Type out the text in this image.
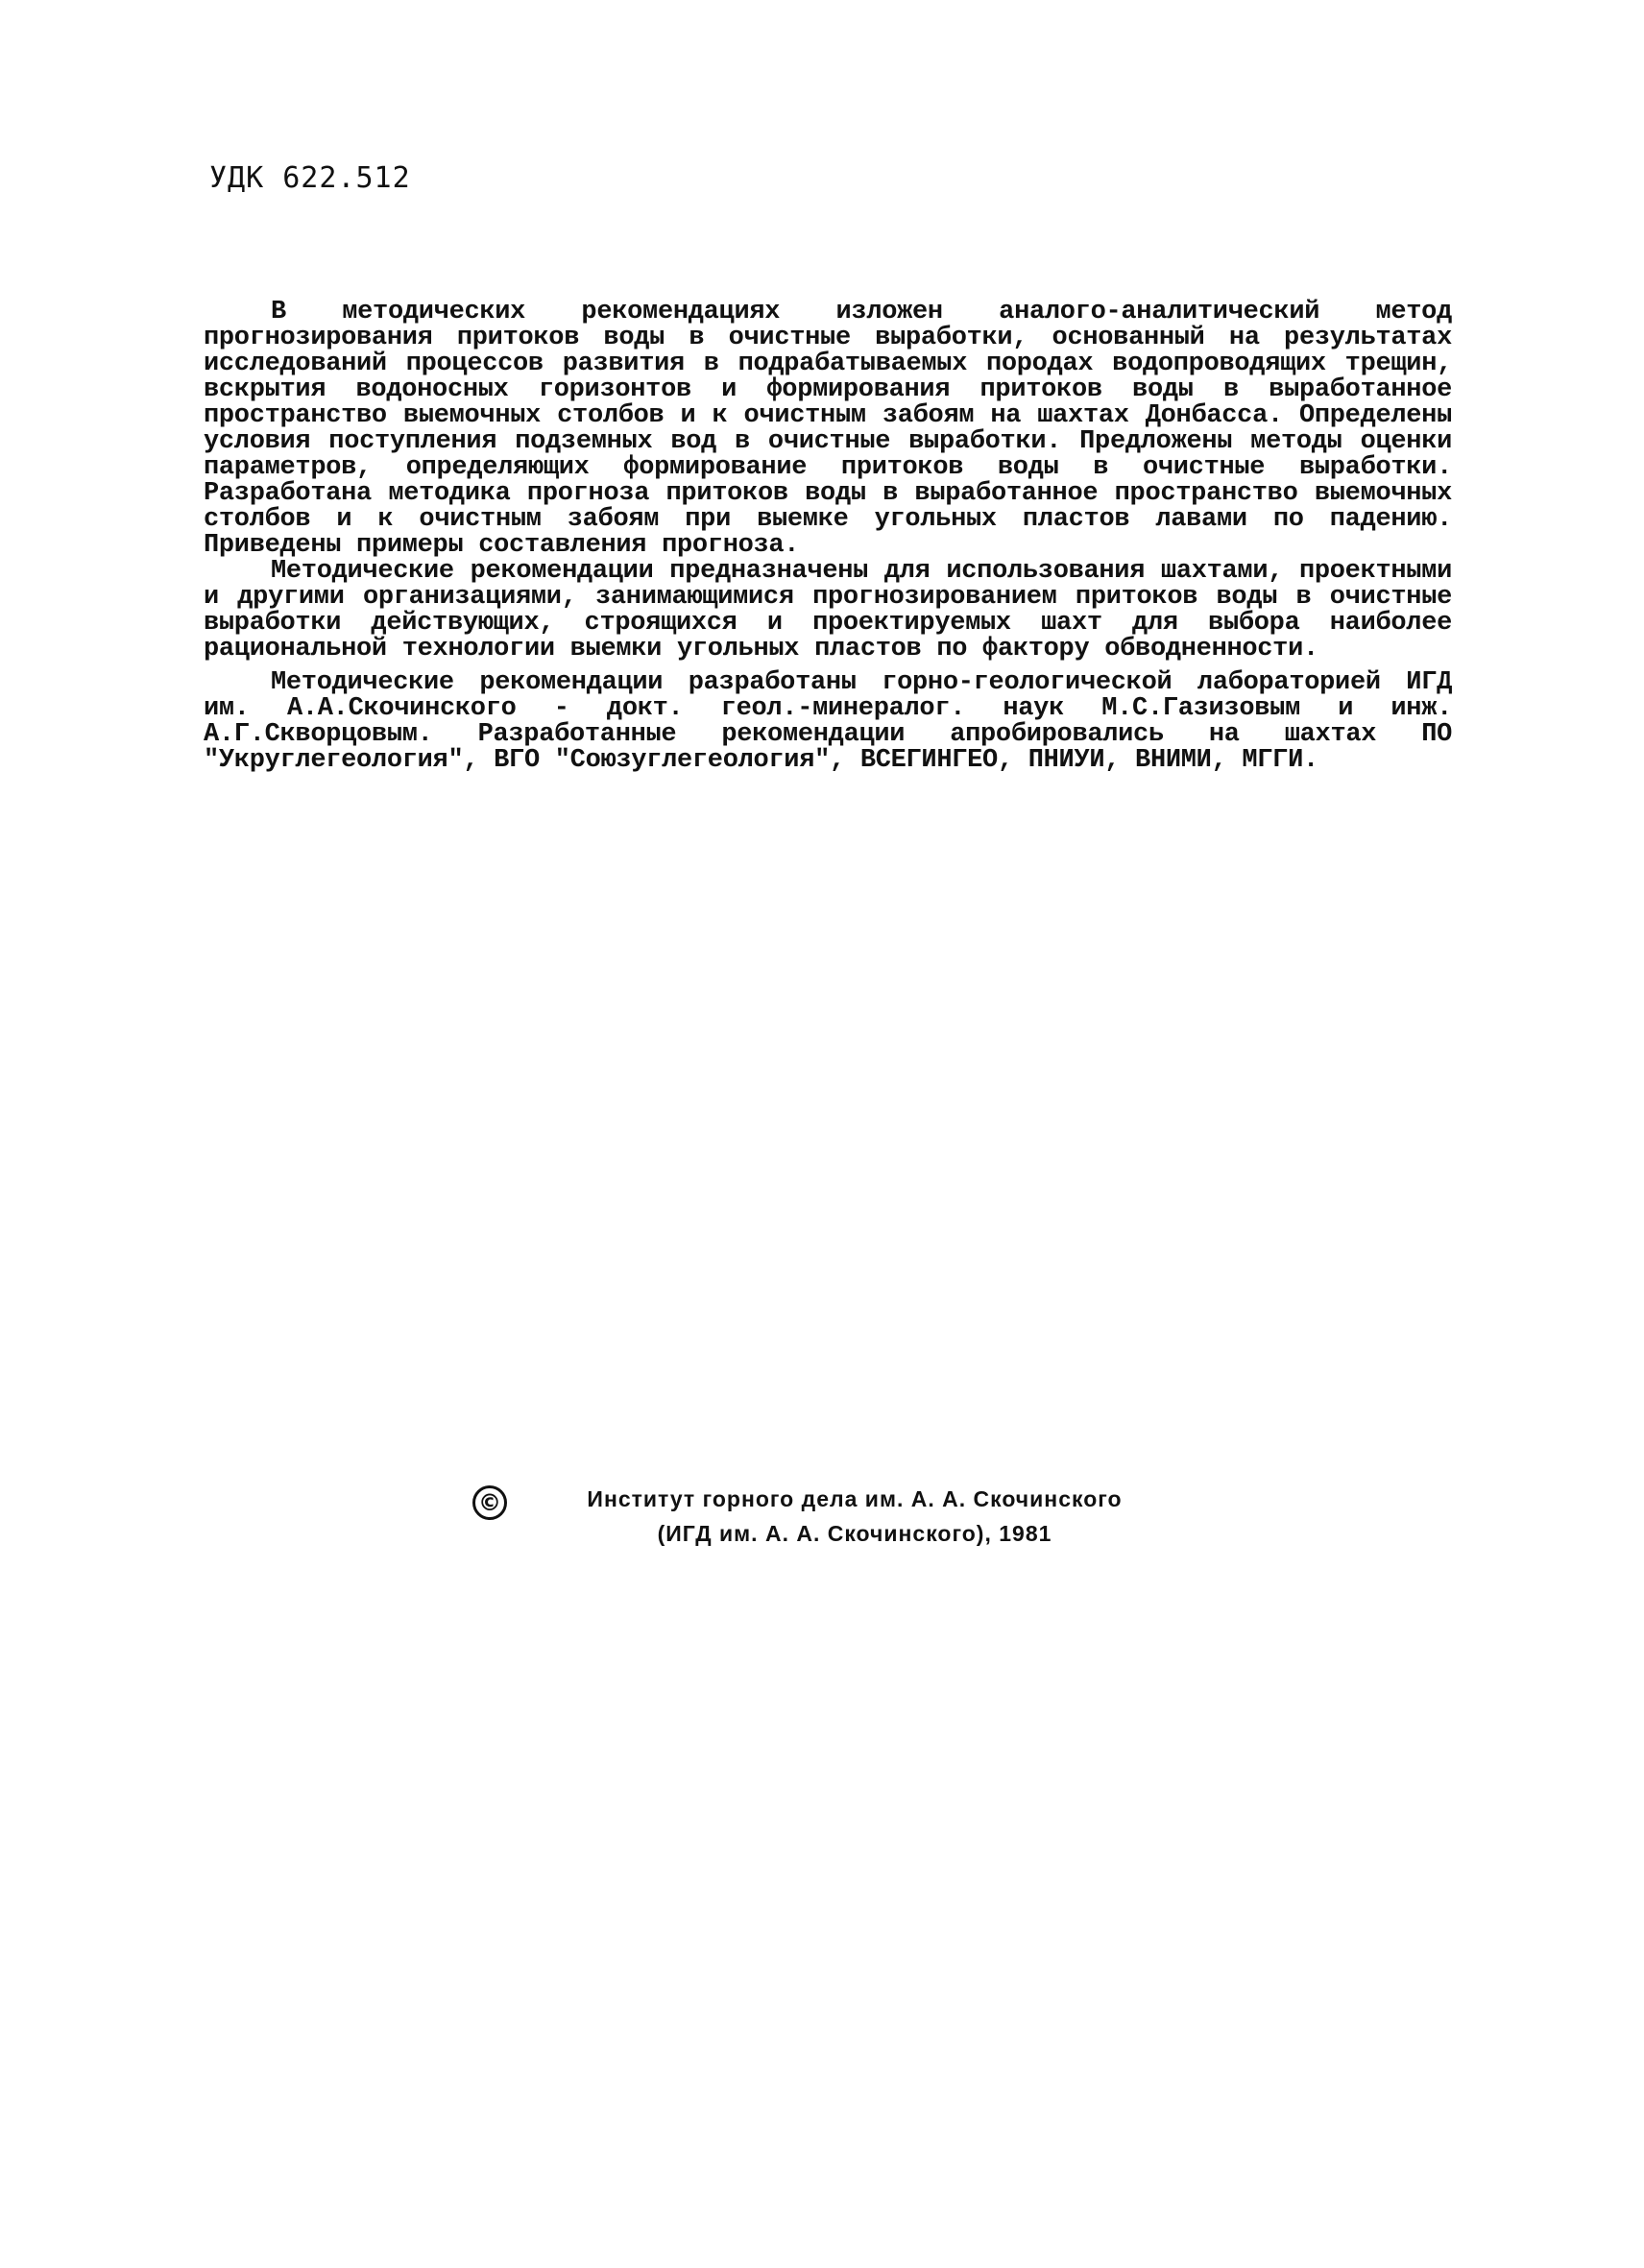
УДК 622.512

В методических рекомендациях изложен аналого-аналитический метод прогнозирования притоков воды в очистные выработки, основанный на результатах исследований процессов развития в подрабатываемых породах водопроводящих трещин, вскрытия водоносных горизонтов и формирования притоков воды в выработанное пространство выемочных столбов и к очистным забоям на шахтах Донбасса. Определены условия поступления подземных вод в очистные выработки. Предложены методы оценки параметров, определяющих формирование притоков воды в очистные выработки. Разработана методика прогноза притоков воды в выработанное пространство выемочных столбов и к очистным забоям при выемке угольных пластов лавами по падению. Приведены примеры составления прогноза.

Методические рекомендации предназначены для использования шахтами, проектными и другими организациями, занимающимися прогнозированием притоков воды в очистные выработки действующих, строящихся и проектируемых шахт для выбора наиболее рациональной технологии выемки угольных пластов по фактору обводненности.

Методические рекомендации разработаны горно-геологической лабораторией ИГД им. А.А.Скочинского - докт. геол.-минералог. наук М.С.Газизовым и инж. А.Г.Скворцовым. Разработанные рекомендации апробировались на шахтах ПО "Укруглегеология", ВГО "Союзуглегеология", ВСЕГИНГЕО, ПНИУИ, ВНИМИ, МГГИ.

©	Институт горного дела им. А. А. Скочинского
(ИГД им. А. А. Скочинского), 1981
